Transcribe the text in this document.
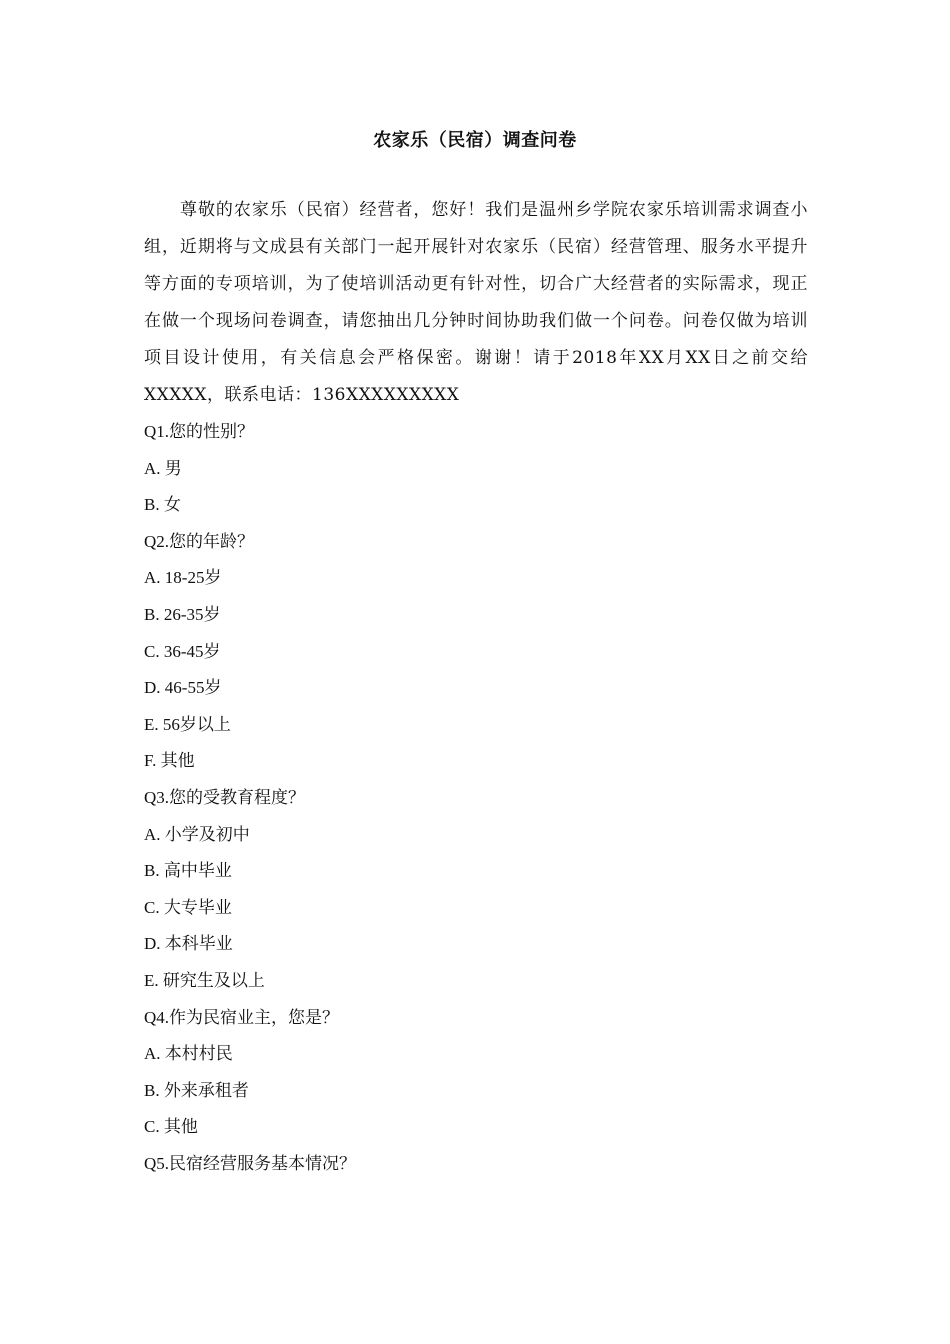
农家乐（民宿）调查问卷

尊敬的农家乐（民宿）经营者，您好！我们是温州乡学院农家乐培训需求调查小组，近期将与文成县有关部门一起开展针对农家乐（民宿）经营管理、服务水平提升等方面的专项培训，为了使培训活动更有针对性，切合广大经营者的实际需求，现正在做一个现场问卷调查，请您抽出几分钟时间协助我们做一个问卷。问卷仅做为培训项目设计使用，有关信息会严格保密。谢谢！请于2018年XX月XX日之前交给XXXXX，联系电话：136XXXXXXXXX

Q1.您的性别？
A. 男
B. 女
Q2.您的年龄？
A. 18-25岁
B. 26-35岁
C. 36-45岁
D. 46-55岁
E. 56岁以上
F. 其他
Q3.您的受教育程度？
A. 小学及初中
B. 高中毕业
C. 大专毕业
D. 本科毕业
E. 研究生及以上
Q4.作为民宿业主，您是？
A. 本村村民
B. 外来承租者
C. 其他
Q5.民宿经营服务基本情况？
